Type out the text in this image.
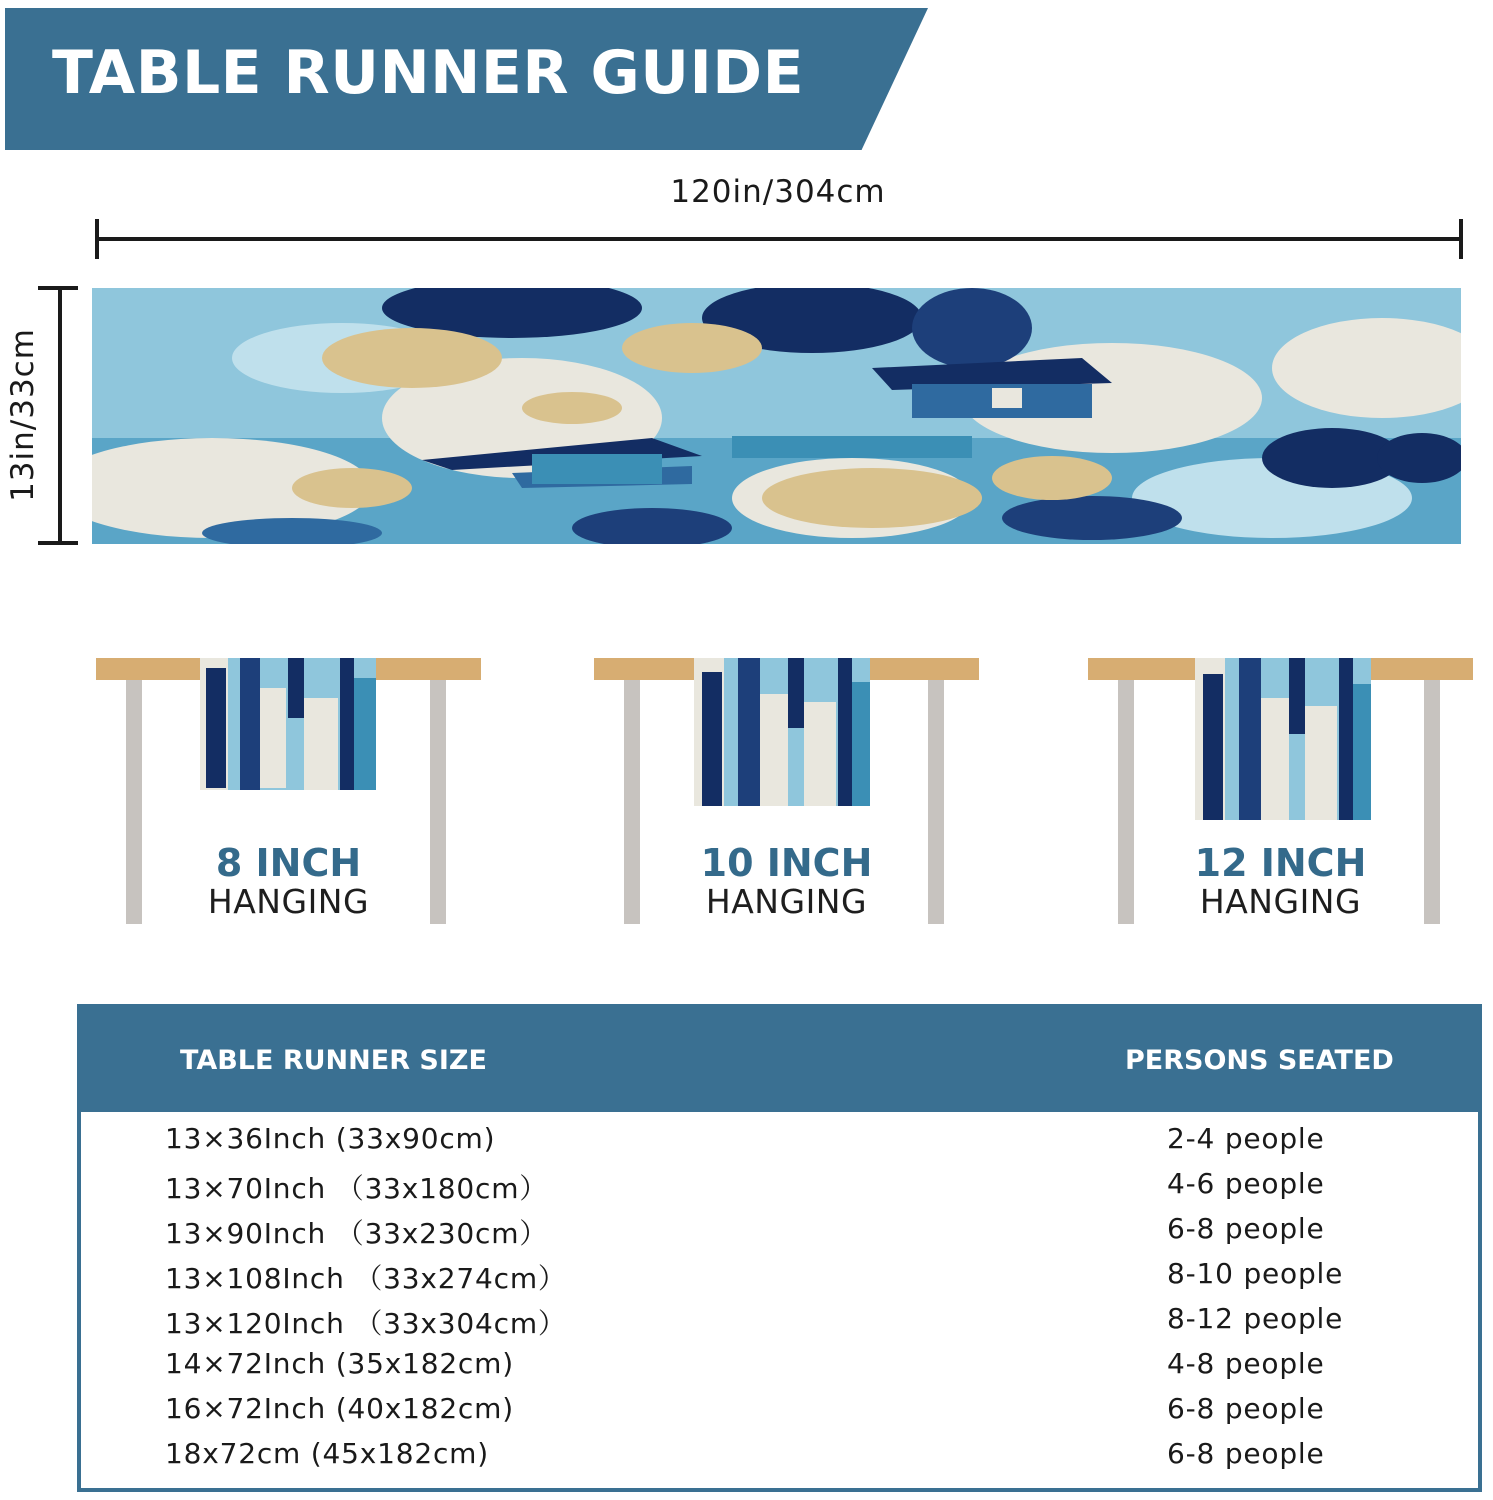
TABLE RUNNER GUIDE
120in/304cm
13in/33cm
8 INCH
HANGING
10 INCH
HANGING
12 INCH
HANGING
TABLE RUNNER SIZE	PERSONS SEATED
13×36Inch (33x90cm)	2-4 people
13×70Inch （33x180cm）	4-6 people
13×90Inch （33x230cm）	6-8 people
13×108Inch （33x274cm）	8-10 people
13×120Inch （33x304cm）	8-12 people
14×72Inch (35x182cm)	4-8 people
16×72Inch (40x182cm)	6-8 people
18x72cm (45x182cm)	6-8 people
